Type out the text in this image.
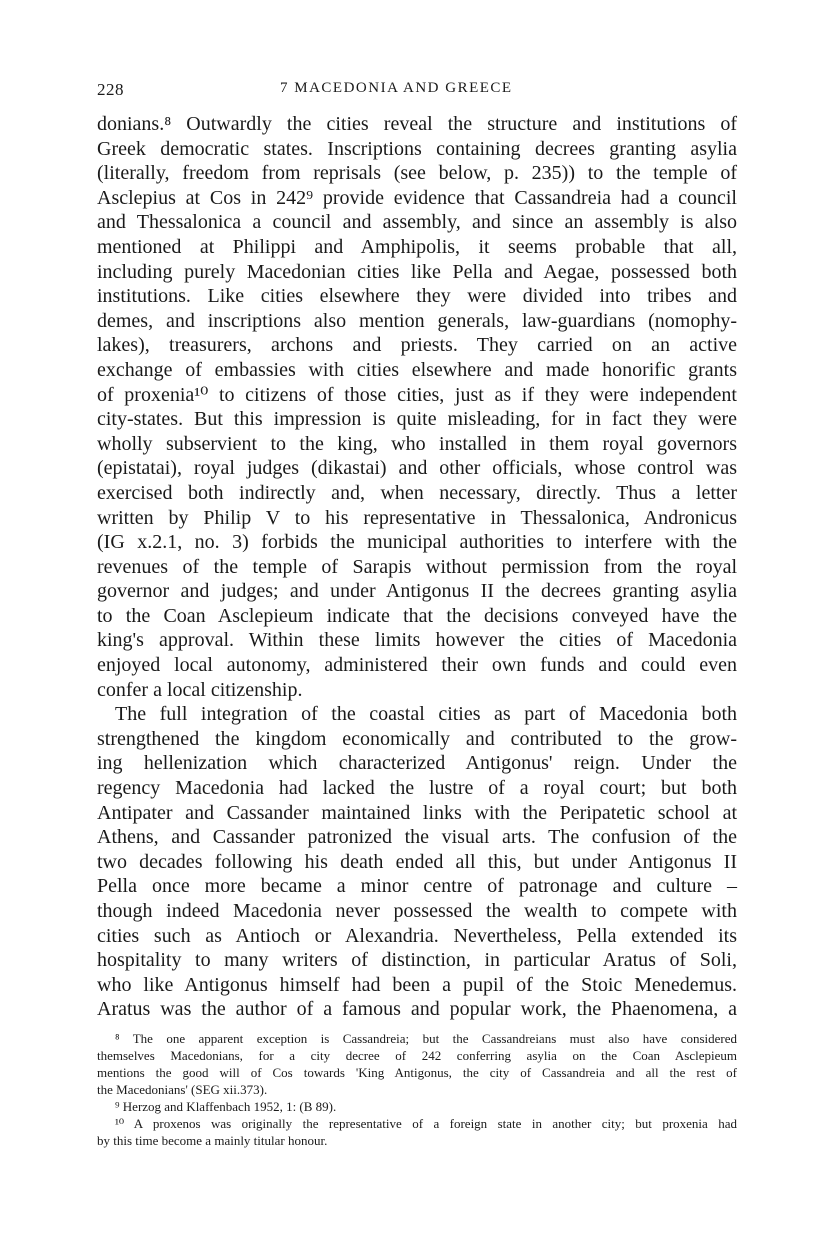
228	7 MACEDONIA AND GREECE
donians.⁸ Outwardly the cities reveal the structure and institutions of
Greek democratic states. Inscriptions containing decrees granting asylia
(literally, freedom from reprisals (see below, p. 235)) to the temple of
Asclepius at Cos in 242⁹ provide evidence that Cassandreia had a council
and Thessalonica a council and assembly, and since an assembly is also
mentioned at Philippi and Amphipolis, it seems probable that all,
including purely Macedonian cities like Pella and Aegae, possessed both
institutions. Like cities elsewhere they were divided into tribes and
demes, and inscriptions also mention generals, law-guardians (nomophy-
lakes), treasurers, archons and priests. They carried on an active
exchange of embassies with cities elsewhere and made honorific grants
of proxenia¹⁰ to citizens of those cities, just as if they were independent
city-states. But this impression is quite misleading, for in fact they were
wholly subservient to the king, who installed in them royal governors
(epistatai), royal judges (dikastai) and other officials, whose control was
exercised both indirectly and, when necessary, directly. Thus a letter
written by Philip V to his representative in Thessalonica, Andronicus
(IG x.2.1, no. 3) forbids the municipal authorities to interfere with the
revenues of the temple of Sarapis without permission from the royal
governor and judges; and under Antigonus II the decrees granting asylia
to the Coan Asclepieum indicate that the decisions conveyed have the
king's approval. Within these limits however the cities of Macedonia
enjoyed local autonomy, administered their own funds and could even
confer a local citizenship.
The full integration of the coastal cities as part of Macedonia both
strengthened the kingdom economically and contributed to the grow-
ing hellenization which characterized Antigonus' reign. Under the
regency Macedonia had lacked the lustre of a royal court; but both
Antipater and Cassander maintained links with the Peripatetic school at
Athens, and Cassander patronized the visual arts. The confusion of the
two decades following his death ended all this, but under Antigonus II
Pella once more became a minor centre of patronage and culture –
though indeed Macedonia never possessed the wealth to compete with
cities such as Antioch or Alexandria. Nevertheless, Pella extended its
hospitality to many writers of distinction, in particular Aratus of Soli,
who like Antigonus himself had been a pupil of the Stoic Menedemus.
Aratus was the author of a famous and popular work, the Phaenomena, a
⁸ The one apparent exception is Cassandreia; but the Cassandreians must also have considered
themselves Macedonians, for a city decree of 242 conferring asylia on the Coan Asclepieum
mentions the good will of Cos towards 'King Antigonus, the city of Cassandreia and all the rest of
the Macedonians' (SEG xii.373).
⁹ Herzog and Klaffenbach 1952, 1: (B 89).
¹⁰ A proxenos was originally the representative of a foreign state in another city; but proxenia had
by this time become a mainly titular honour.
